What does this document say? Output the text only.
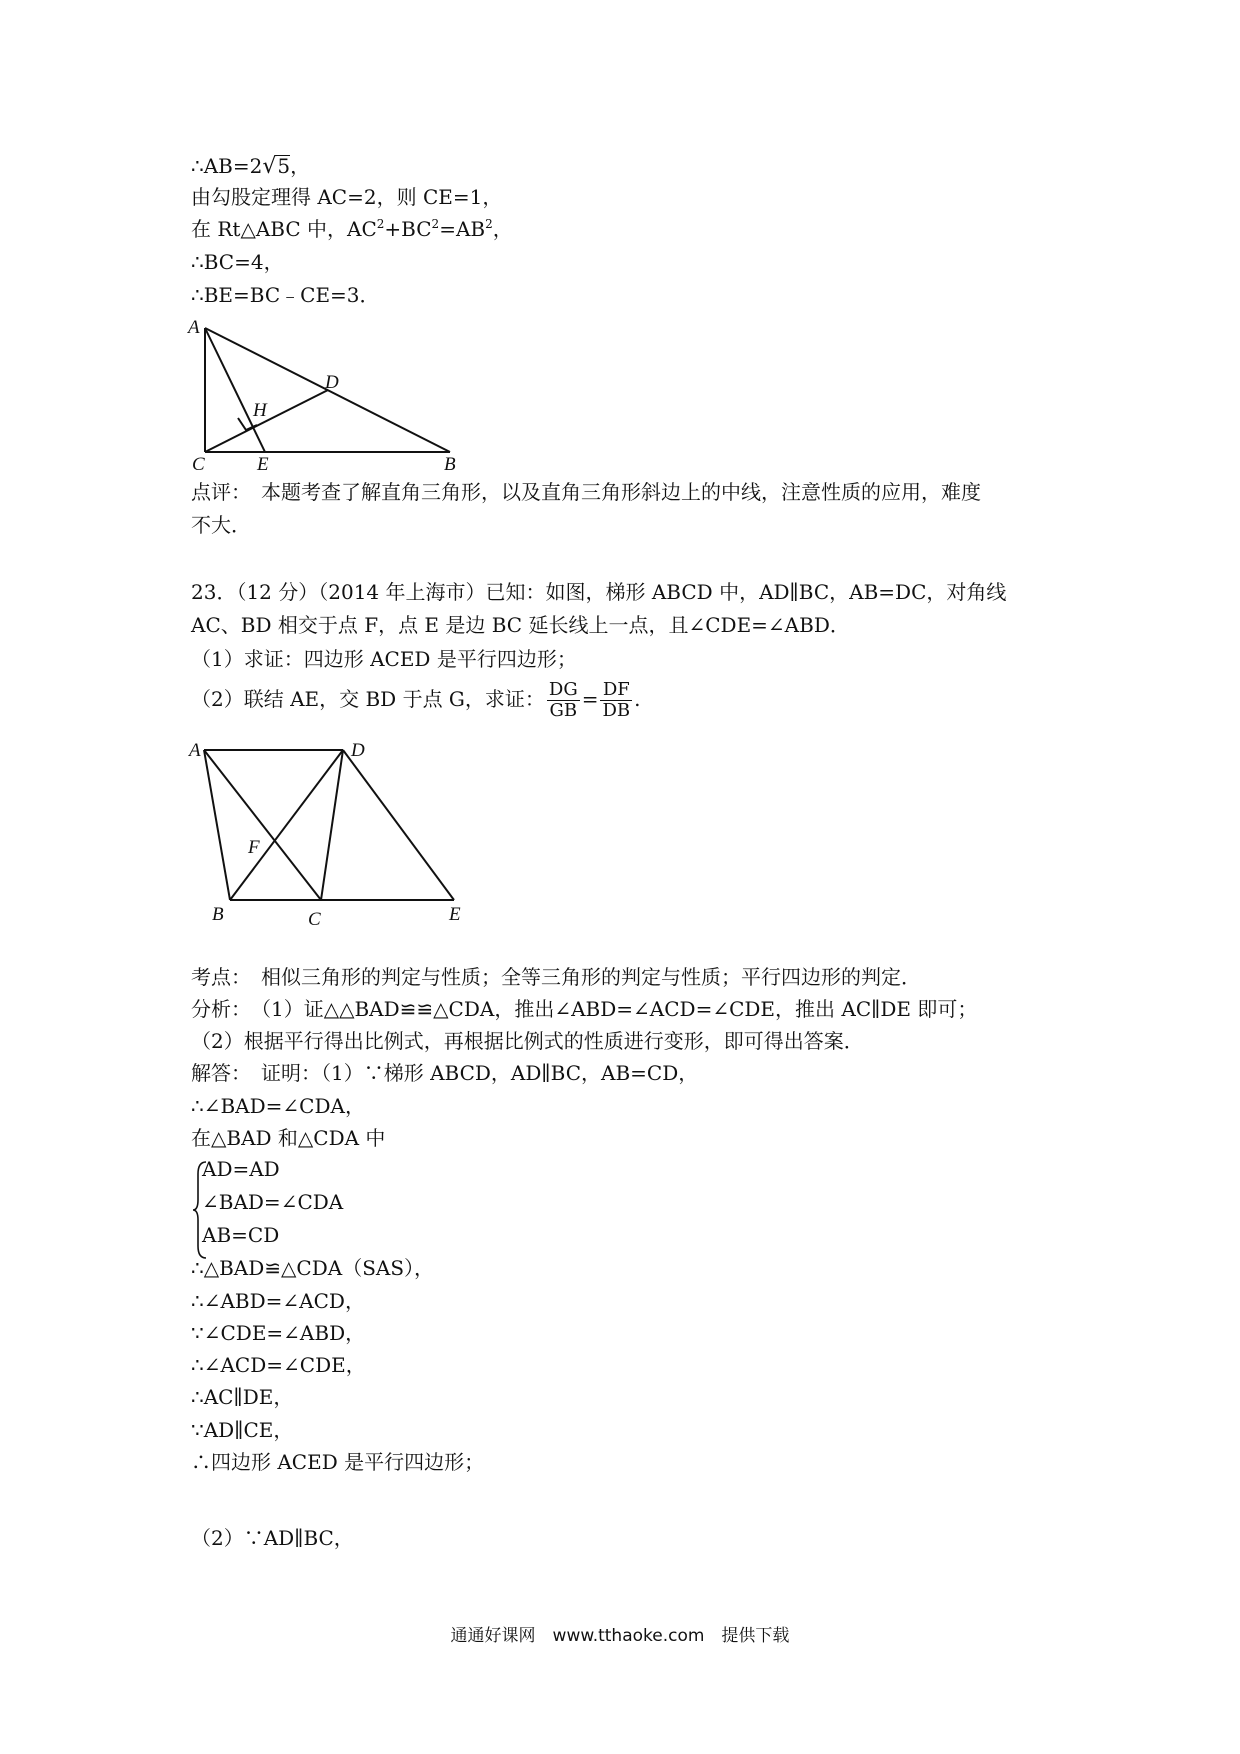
∴AB=2√5，
由勾股定理得 AC=2，则 CE=1，
在 Rt△ABC 中，$AC^2+BC^2=AB^2$，
∴BC=4，
∴BE=BC﹣CE=3．
A
D
H
C	E	B
点评：　本题考查了解直角三角形，以及直角三角形斜边上的中线，注意性质的应用，难度
不大．
23．（12 分）（2014 年上海市）已知：如图，梯形 ABCD 中，AD∥BC，AB=DC，对角线
AC、BD 相交于点 F，点 E 是边 BC 延长线上一点，且∠CDE=∠ABD．
（1）求证：四边形 ACED 是平行四边形；
（2）联结 AE，交 BD 于点 G，求证： $\frac{DG}{GB} = \frac{DF}{DB}$ .
A	D
F
B	C	E
考点：　相似三角形的判定与性质；全等三角形的判定与性质；平行四边形的判定．
分析：　（1）证△△BAD≌≌△CDA，推出∠ABD=∠ACD=∠CDE，推出 AC∥DE 即可；
（2）根据平行得出比例式，再根据比例式的性质进行变形，即可得出答案．
解答：　证明：（1）∵梯形 ABCD，AD∥BC，AB=CD，
∴∠BAD=∠CDA，
在△BAD 和△CDA 中
AD=AD
∠BAD=∠CDA
AB=CD
∴△BAD≌△CDA（SAS），
∴∠ABD=∠ACD，
∵∠CDE=∠ABD，
∴∠ACD=∠CDE，
∴AC∥DE，
∵AD∥CE，
∴四边形 ACED 是平行四边形；
（2）∵AD∥BC，
通通好课网　www.tthaoke.com　提供下载
